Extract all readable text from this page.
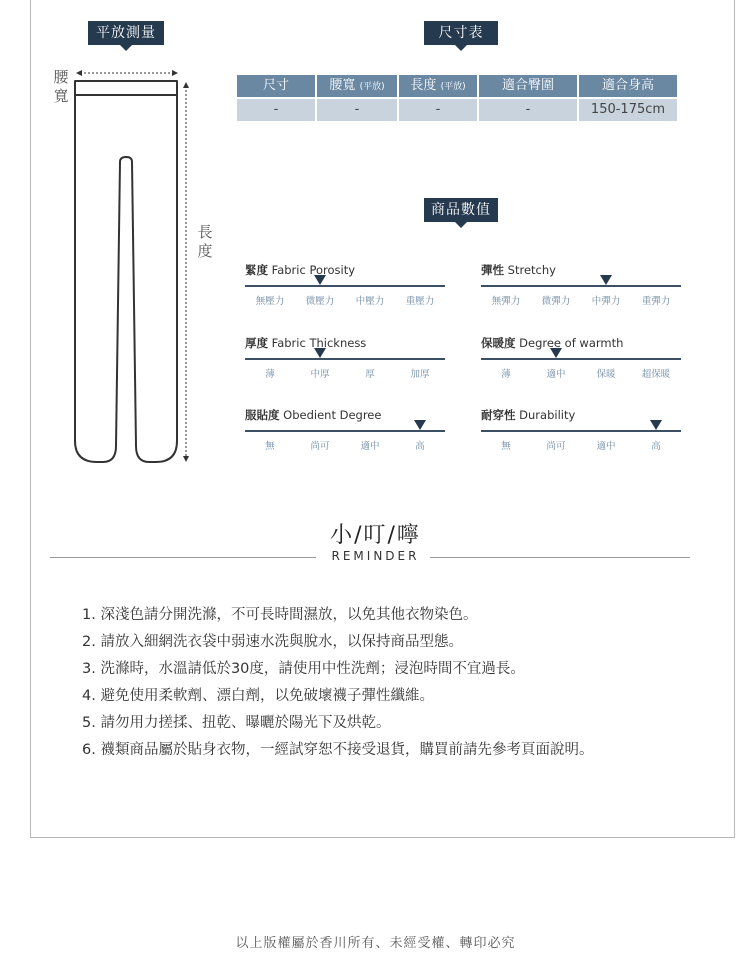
平放測量
腰寬
長度
尺寸表
尺寸	腰寬 (平放)	長度 (平放)	適合臀圍	適合身高
-	-	-	-	150-175cm
商品數值
緊度 Fabric Porosity
無壓力	微壓力	中壓力	重壓力
彈性 Stretchy
無彈力	微彈力	中彈力	重彈力
厚度 Fabric Thickness
薄	中厚	厚	加厚
保暖度 Degree of warmth
薄	適中	保暖	超保暖
服貼度 Obedient Degree
無	尚可	適中	高
耐穿性 Durability
無	尚可	適中	高
小/叮/嚀
REMINDER
1. 深淺色請分開洗滌，不可長時間濕放，以免其他衣物染色。
2. 請放入細網洗衣袋中弱速水洗與脫水，以保持商品型態。
3. 洗滌時，水溫請低於30度，請使用中性洗劑；浸泡時間不宜過長。
4. 避免使用柔軟劑、漂白劑，以免破壞襪子彈性纖維。
5. 請勿用力搓揉、扭乾、曝曬於陽光下及烘乾。
6. 襪類商品屬於貼身衣物，一經試穿恕不接受退貨，購買前請先參考頁面說明。
以上版權屬於香川所有、未經受權、轉印必究
